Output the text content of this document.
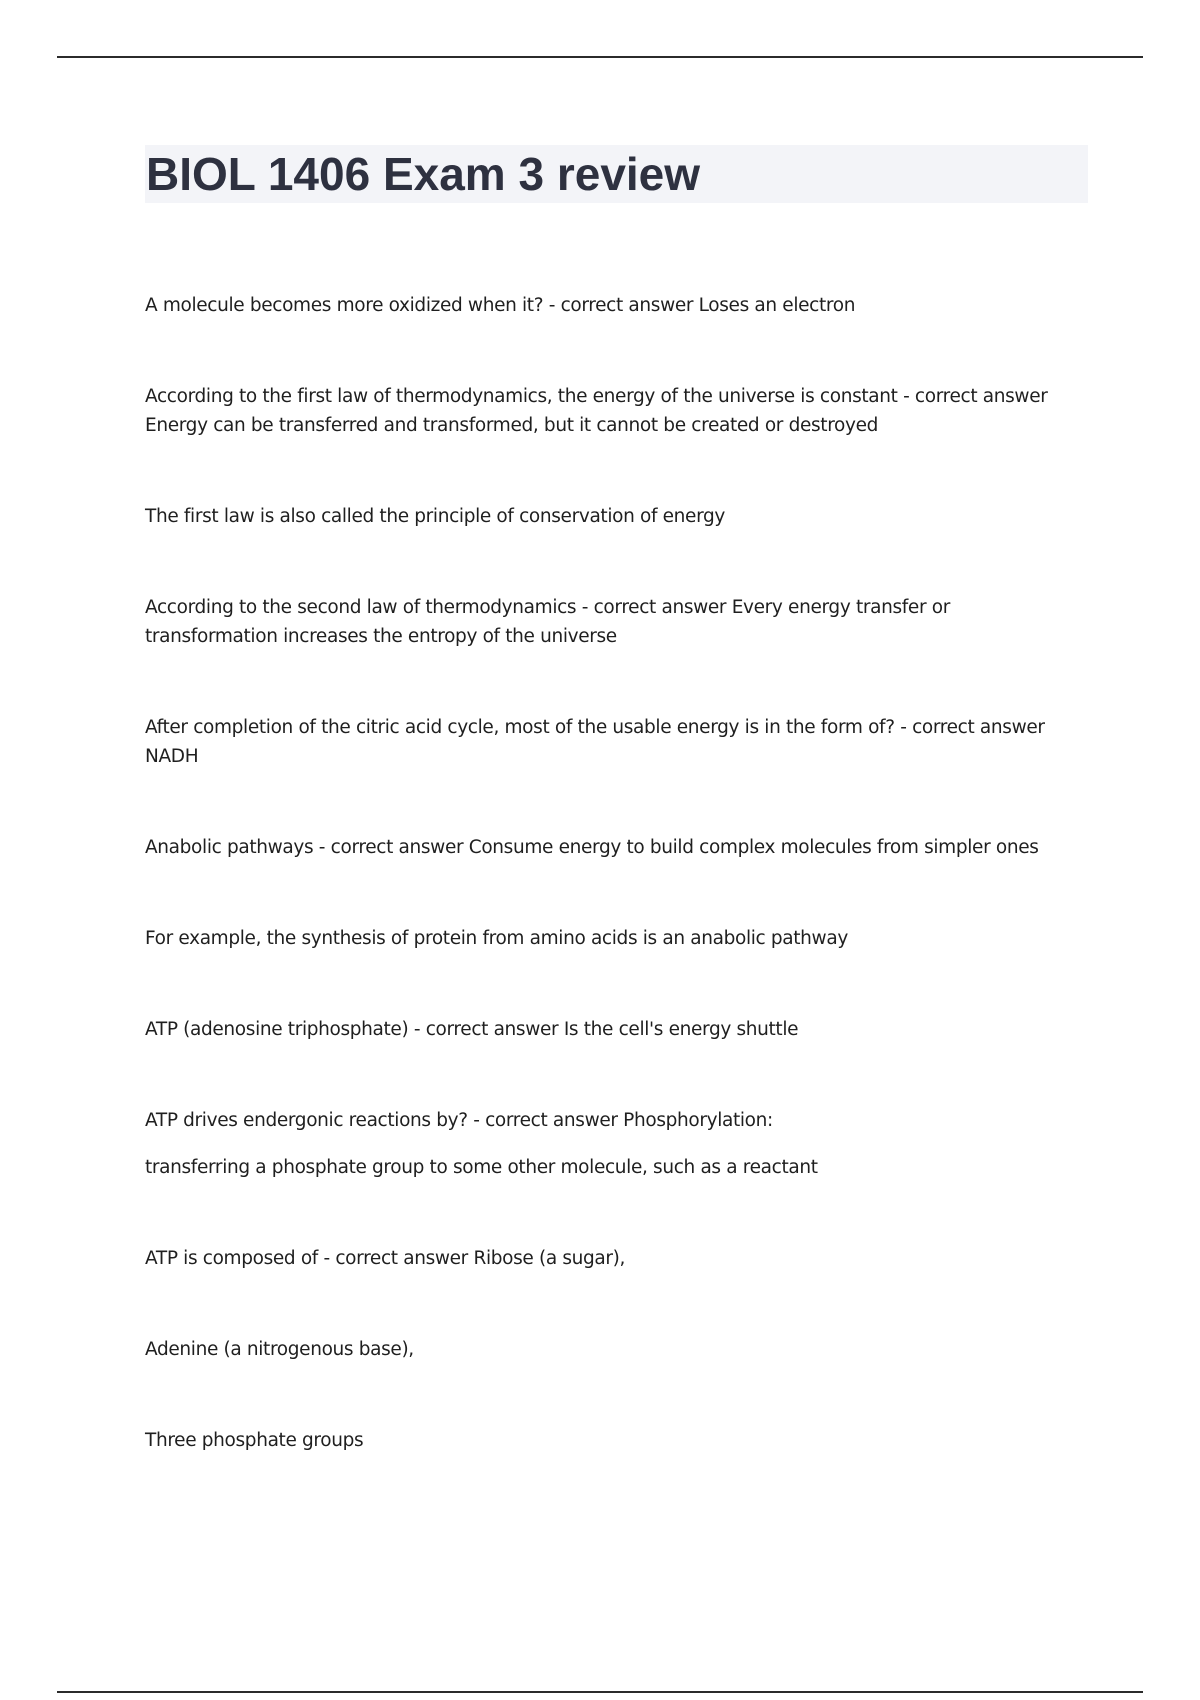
BIOL 1406 Exam 3 review

A molecule becomes more oxidized when it? - correct answer Loses an electron

According to the first law of thermodynamics, the energy of the universe is constant - correct answer Energy can be transferred and transformed, but it cannot be created or destroyed

The first law is also called the principle of conservation of energy

According to the second law of thermodynamics - correct answer Every energy transfer or transformation increases the entropy of the universe

After completion of the citric acid cycle, most of the usable energy is in the form of? - correct answer NADH

Anabolic pathways - correct answer Consume energy to build complex molecules from simpler ones

For example, the synthesis of protein from amino acids is an anabolic pathway

ATP (adenosine triphosphate) - correct answer Is the cell's energy shuttle

ATP drives endergonic reactions by? - correct answer Phosphorylation:

transferring a phosphate group to some other molecule, such as a reactant

ATP is composed of - correct answer Ribose (a sugar),

Adenine (a nitrogenous base),

Three phosphate groups
